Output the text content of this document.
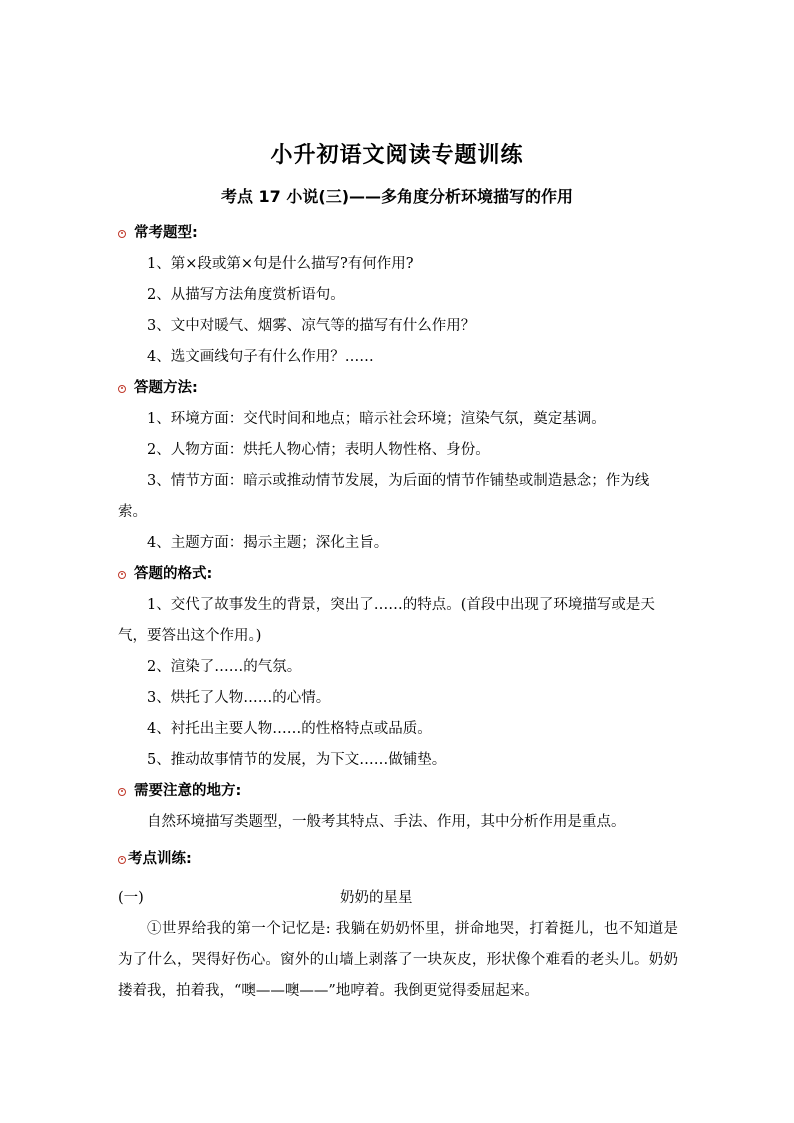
小升初语文阅读专题训练
考点 17 小说(三)——多角度分析环境描写的作用
常考题型:

1、第×段或第×句是什么描写?有何作用?

2、从描写方法角度赏析语句。

3、文中对暖气、烟雾、凉气等的描写有什么作用？

4、选文画线句子有什么作用？……

答题方法:

1、环境方面：交代时间和地点；暗示社会环境；渲染气氛，奠定基调。

2、人物方面：烘托人物心情；表明人物性格、身份。

3、情节方面：暗示或推动情节发展，为后面的情节作铺垫或制造悬念；作为线索。

4、主题方面：揭示主题；深化主旨。

答题的格式:

1、交代了故事发生的背景，突出了……的特点。(首段中出现了环境描写或是天气，要答出这个作用。)

2、渲染了……的气氛。

3、烘托了人物……的心情。

4、衬托出主要人物……的性格特点或品质。

5、推动故事情节的发展，为下文……做铺垫。

需要注意的地方:

自然环境描写类题型，一般考其特点、手法、作用，其中分析作用是重点。

考点训练:
(一)	奶奶的星星

①世界给我的第一个记忆是: 我躺在奶奶怀里，拼命地哭，打着挺儿，也不知道是为了什么，哭得好伤心。窗外的山墙上剥落了一块灰皮，形状像个难看的老头儿。奶奶搂着我，拍着我，“噢——噢——”地哼着。我倒更觉得委屈起来。
